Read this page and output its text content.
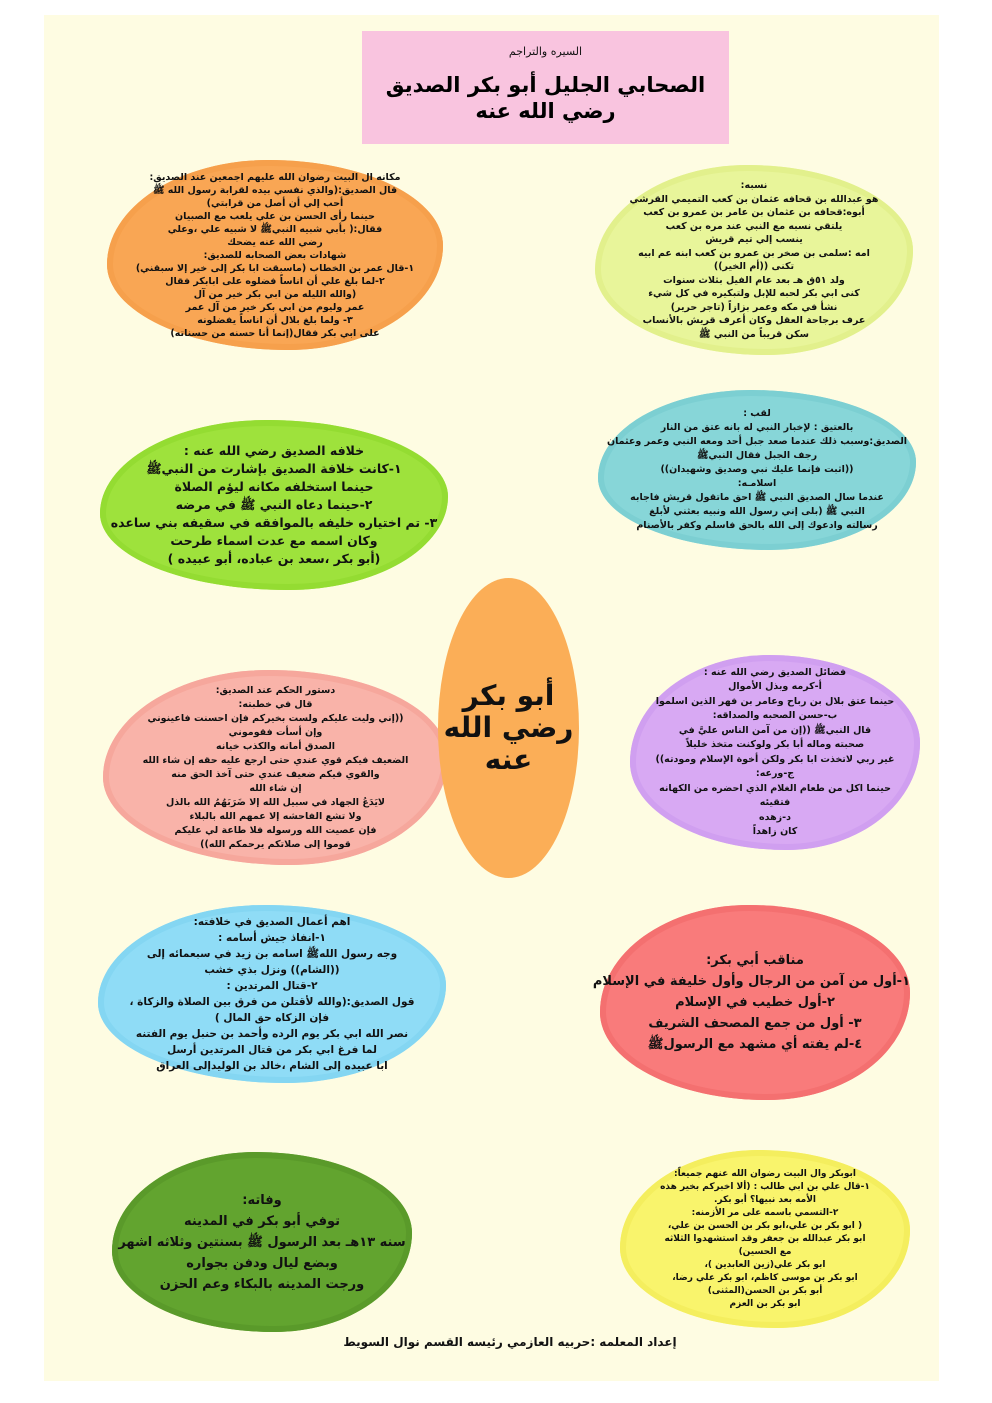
السيره والتراجم
الصحابي الجليل أبو بكر الصديق
رضي الله عنه
مكانه ال البيت رضوان الله عليهم اجمعين عند الصديق:
قال الصديق:(والذي نفسي بيده لقرابة رسول الله ﷺ
أحب إلي أن أصل من قرابتي)
حينما رأى الحسن بن علي يلعب مع الصبيان
فقال:( بأبي شبيه النبيﷺ لا شبيه علي ،وعلي
رضي الله عنه يضحك
شهادات بعض الصحابه للصديق:
١-قال عمر بن الخطاب (ماسبقت ابا بكر إلى خير إلا سبقني)
٢-لما بلغ علي أن اناساً فضلوه على ابابكر فقال
(والله الليله من ابي بكر خير من آل
عمر وليوم من ابي بكر خير من آل عمر
٣- ولما بلغ بلال أن اناساً يفضلونه
على ابي بكر فقال(إنما أنا حسنه من حسناته)
خلافه الصديق رضي الله عنه :
١-كانت خلافة الصديق بإشارت من النبيﷺ
حينما استخلفه مكانه ليؤم الصلاة
٢-حينما دعاه النبي ﷺ في مرضه
٣- تم اختياره خليفه بالموافقه في سقيفه بني ساعده
وكان اسمه مع عدت اسماء طرحت
(أبو بكر ،سعد بن عباده، أبو عبيده )
دستور الحكم عند الصديق:
قال في خطبته:
((إني وليت عليكم ولست بخيركم فإن احسنت فاعينوني
وإن أسأت فقوموني
الصدق أمانه والكذب خيانه
الضعيف فيكم قوي عندي حتى ارجع عليه حقه إن شاء الله
والقوي فيكم ضعيف عندي حتى آخذ الحق منه
إن شاء الله
لايَدَعُ الجهاد في سبيل الله إلا ضَرَبَهُمُ الله بالذل
ولا تشع الفاحشه إلا عمهم الله بالبلاء
فإن عصيت الله ورسوله فلا طاعة لي عليكم
قوموا إلى صلاتكم يرحمكم الله))
اهم أعمال الصديق في خلافته:
١-انفاذ جيش أسامه :
وجه رسول اللهﷺ اسامه بن زيد في سبعمائه إلى
((الشام)) ونزل بذي خشب
٢-قتال المرتدين :
قول الصديق:(والله لأقتلن من فرق بين الصلاة والزكاة ،
فإن الزكاه حق المال )
نصر الله ابي بكر يوم الرده وأحمد بن حنبل يوم الفتنه
لما فرغ ابي بكر من قتال المرتدين أرسل
ابا عبيده إلى الشام ،خالد بن الوليدإلى العراق
وفاته:
توفي أبو بكر في المدينه
سنه ١٣هـ بعد الرسول ﷺ بسنتين وثلاثه اشهر
وبضع ليال ودفن بجواره
ورجت المدينه بالبكاء وعم الحزن
أبو بكر
رضي الله
عنه
نسبه:
هو عبدالله بن قحافه عثمان بن كعب التميمي القرشي
أبوه:قحافه بن عثمان بن عامر بن عمرو بن كعب
يلتقي نسبه مع النبي عند مره بن كعب
ينسب إلي تيم قريش
امه :سلمى بن صخر بن عمرو بن كعب ابنه عم ابيه
تكنى ((أم الخير))
ولد ٥١ق هـ بعد عام الفيل بثلاث سنوات
كنى ابي بكر لحبه للإبل ولتبكيره في كل شيء
نشأ في مكه وعمر بزازاً (تاجر حرير)
عرف برجاحة العقل وكان أعرف قريش بالأنساب
سكن قريباً من النبي ﷺ
لقب :
بالعتيق : لإخبار النبي له بانه عتق من النار
الصديق:وسبب ذلك عندما صعد جبل أحد ومعه النبي وعمر وعثمان
رجف الجبل فقال النبيﷺ
((اثبت فإنما عليك نبي وصديق وشهيدان))
اسلامـه:
عندما سال الصديق النبي ﷺ احق ماتقول قريش فاجابه
النبي ﷺ (بلى إني رسول الله ونبيه بعثني لأبلغ
رسالته وادعوك إلى الله بالحق فاسلم وكفر بالأصنام
فضائل الصديق رضي الله عنه :
أ-كرمه وبذل الأموال
حينما عتق بلال بن رباح وعامر بن فهر الذين اسلموا
ب-حسن الصحبه والصداقه:
قال النبيﷺ ((إن من آمن الناس عليَّ في
صحبته وماله أبا بكر ولوكنت متخذ خليلاً
غير ربي لاتخذت ابا بكر ولكن أخوة الإسلام ومودته))
ج-ورعه:
حينما اكل من طعام الغلام الذي احضره من الكهانه
فتقيئه
د-زهده
كان زاهداً
مناقب أبي بكر:
١-أول من آمن من الرجال وأول خليفة في الإسلام
٢-أول خطيب في الإسلام
٣- أول من جمع المصحف الشريف
٤-لم يفته أي مشهد مع الرسولﷺ
ابوبكر وال البيت رضوان الله عنهم جميعاً:
١-قال علي بن ابي طالب : (ألا اخبركم بخير هذه
الأمه بعد نبيها؟ أبو بكر.
٢-التسمي باسمه على مر الأزمنه:
( ابو بكر بن علي،ابو بكر بن الحسن بن علي،
ابو بكر عبدالله بن جعفر وقد استشهدوا الثلاثه
مع الحسين)
ابو بكر علي(زين العابدين )،
ابو بكر بن موسى كاظم، ابو بكر علي رضا،
أبو بكر بن الحسن(المثنى)
ابو بكر بن العزم
إعداد المعلمه :حربيه العازمي رئيسه القسم نوال السويط
